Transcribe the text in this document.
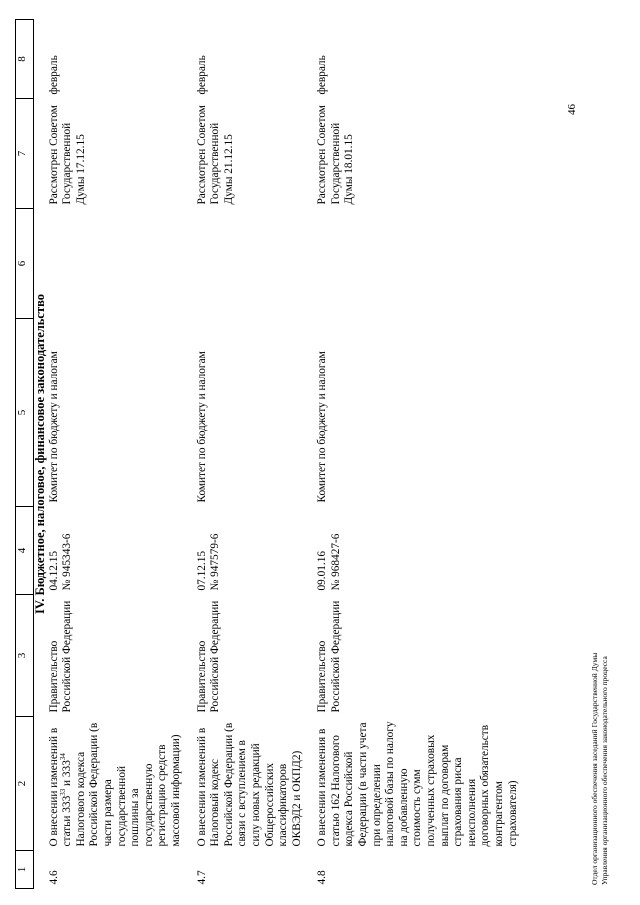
1	2	3	4	5	6	7	8
IV. Бюджетное, налоговое, финансовое законодательство							
4.6	О внесении изменений в статьи $333^{33}$ и $333^{34}$ Налогового кодекса Российской Федерации (в части размера государственной пошлины за государственную регистрацию средств массовой информации)	Правительство Российской Федерации	04.12.15 № 945343-6	Комитет по бюджету и налогам		Рассмотрен Советом Государственной Думы 17.12.15	февраль

4.7	О внесении изменений в Налоговый кодекс Российской Федерации (в связи с вступлением в силу новых редакций Общероссийских классификаторов ОКВЭД2 и ОКПД2)	Правительство Российской Федерации	07.12.15 № 947579-6	Комитет по бюджету и налогам		Рассмотрен Советом Государственной Думы 21.12.15	февраль

4.8	О внесении изменения в статью 162 Налогового кодекса Российской Федерации (в части учета при определении налоговой базы по налогу на добавленную стоимость сумм полученных страховых выплат по договорам страхования риска неисполнения договорных обязательств контрагентом страхователя)	Правительство Российской Федерации	09.01.16 № 968427-6	Комитет по бюджету и налогам		Рассмотрен Советом Государственной Думы 18.01.15	февраль
46
Отдел организационного обеспечения заседаний Государственной Думы Управления организационного обеспечения законодательного процесса
